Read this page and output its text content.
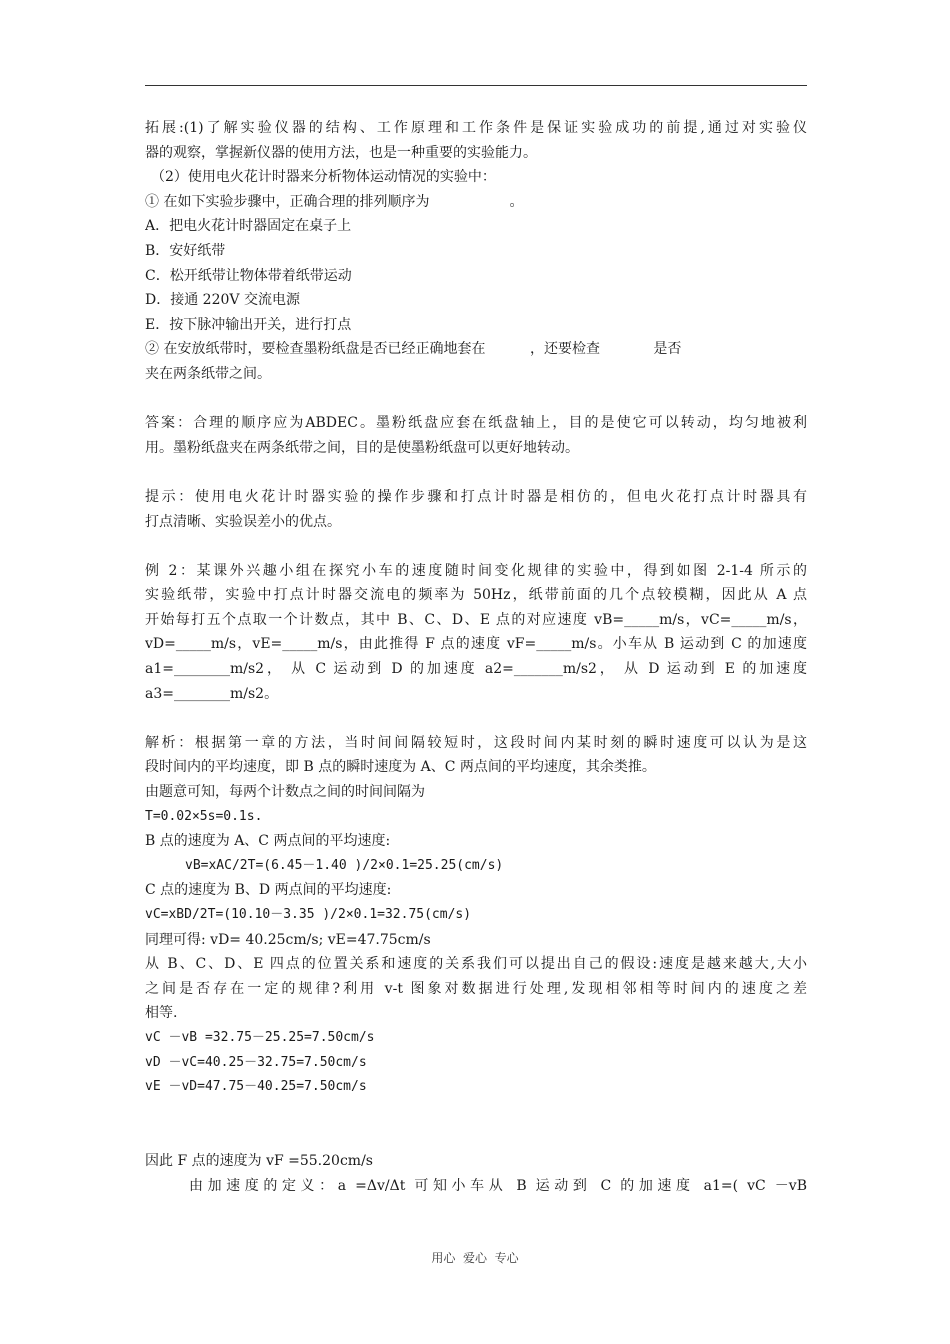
拓展:(1)了解实验仪器的结构、工作原理和工作条件是保证实验成功的前提,通过对实验仪
器的观察，掌握新仪器的使用方法，也是一种重要的实验能力。
（2）使用电火花计时器来分析物体运动情况的实验中：
① 在如下实验步骤中，正确合理的排列顺序为                  。
A．把电火花计时器固定在桌子上
B．安好纸带
C．松开纸带让物体带着纸带运动
D．接通 220V 交流电源
E．按下脉冲输出开关，进行打点
② 在安放纸带时，要检查墨粉纸盘是否已经正确地套在          ，还要检查            是否
夹在两条纸带之间。
答案：合理的顺序应为ABDEC。墨粉纸盘应套在纸盘轴上，目的是使它可以转动，均匀地被利
用。墨粉纸盘夹在两条纸带之间，目的是使墨粉纸盘可以更好地转动。
提示：使用电火花计时器实验的操作步骤和打点计时器是相仿的，但电火花打点计时器具有
打点清晰、实验误差小的优点。
例 2：某课外兴趣小组在探究小车的速度随时间变化规律的实验中，得到如图 2-1-4 所示的
实验纸带，实验中打点计时器交流电的频率为 50Hz，纸带前面的几个点较模糊，因此从 A 点
开始每打五个点取一个计数点，其中 B、C、D、E 点的对应速度 vB=_____m/s，vC=_____m/s，
vD=_____m/s，vE=_____m/s，由此推得 F 点的速度 vF=_____m/s。小车从 B 运动到 C 的加速度
a1=________m/s2， 从 C 运动到 D 的加速度 a2=_______m/s2， 从 D 运动到 E 的加速度
a3=________m/s2。
解析：根据第一章的方法，当时间间隔较短时，这段时间内某时刻的瞬时速度可以认为是这
段时间内的平均速度，即 B 点的瞬时速度为 A、C 两点间的平均速度，其余类推。
由题意可知，每两个计数点之间的时间间隔为
T=0.02×5s=0.1s.
B 点的速度为 A、C 两点间的平均速度:
vB=xAC/2T=(6.45－1.40 )/2×0.1=25.25(cm/s)
C 点的速度为 B、D 两点间的平均速度:
vC=xBD/2T=(10.10－3.35 )/2×0.1=32.75(cm/s)
同理可得: vD= 40.25cm/s; vE=47.75cm/s
从 B、C、D、E 四点的位置关系和速度的关系我们可以提出自己的假设:速度是越来越大,大小
之间是否存在一定的规律?利用 v-t 图象对数据进行处理,发现相邻相等时间内的速度之差
相等.
vC －vB =32.75－25.25=7.50cm/s
vD －vC=40.25－32.75=7.50cm/s
vE －vD=47.75－40.25=7.50cm/s
因此 F 点的速度为 vF =55.20cm/s
由加速度的定义：a =Δv/Δt 可知小车从 B 运动到 C 的加速度 a1=( vC －vB
用心  爱心  专心
